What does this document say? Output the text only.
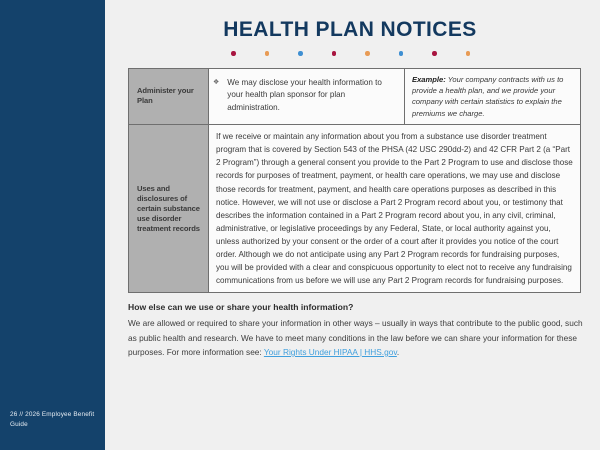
26 // 2026 Employee Benefit Guide
HEALTH PLAN NOTICES
Administer your Plan	❖ We may disclose your health information to your health plan sponsor for plan administration.	Example: Your company contracts with us to provide a health plan, and we provide your company with certain statistics to explain the premiums we charge.
Uses and disclosures of certain substance use disorder treatment records	If we receive or maintain any information about you from a substance use disorder treatment program that is covered by Section 543 of the PHSA (42 USC 290dd-2) and 42 CFR Part 2 (a “Part 2 Program”) through a general consent you provide to the Part 2 Program to use and disclose those records for purposes of treatment, payment, or health care operations, we may use and disclose those records for treatment, payment, and health care operations purposes as described in this notice. However, we will not use or disclose a Part 2 Program record about you, or testimony that describes the information contained in a Part 2 Program record about you, in any civil, criminal, administrative, or legislative proceedings by any Federal, State, or local authority against you, unless authorized by your consent or the order of a court after it provides you notice of the court order. Although we do not anticipate using any Part 2 Program records for fundraising purposes, you will be provided with a clear and conspicuous opportunity to elect not to receive any fundraising communications from us before we will use any Part 2 Program records for fundraising purposes.	
How else can we use or share your health information?
We are allowed or required to share your information in other ways – usually in ways that contribute to the public good, such as public health and research. We have to meet many conditions in the law before we can share your information for these purposes. For more information see: Your Rights Under HIPAA | HHS.gov.
